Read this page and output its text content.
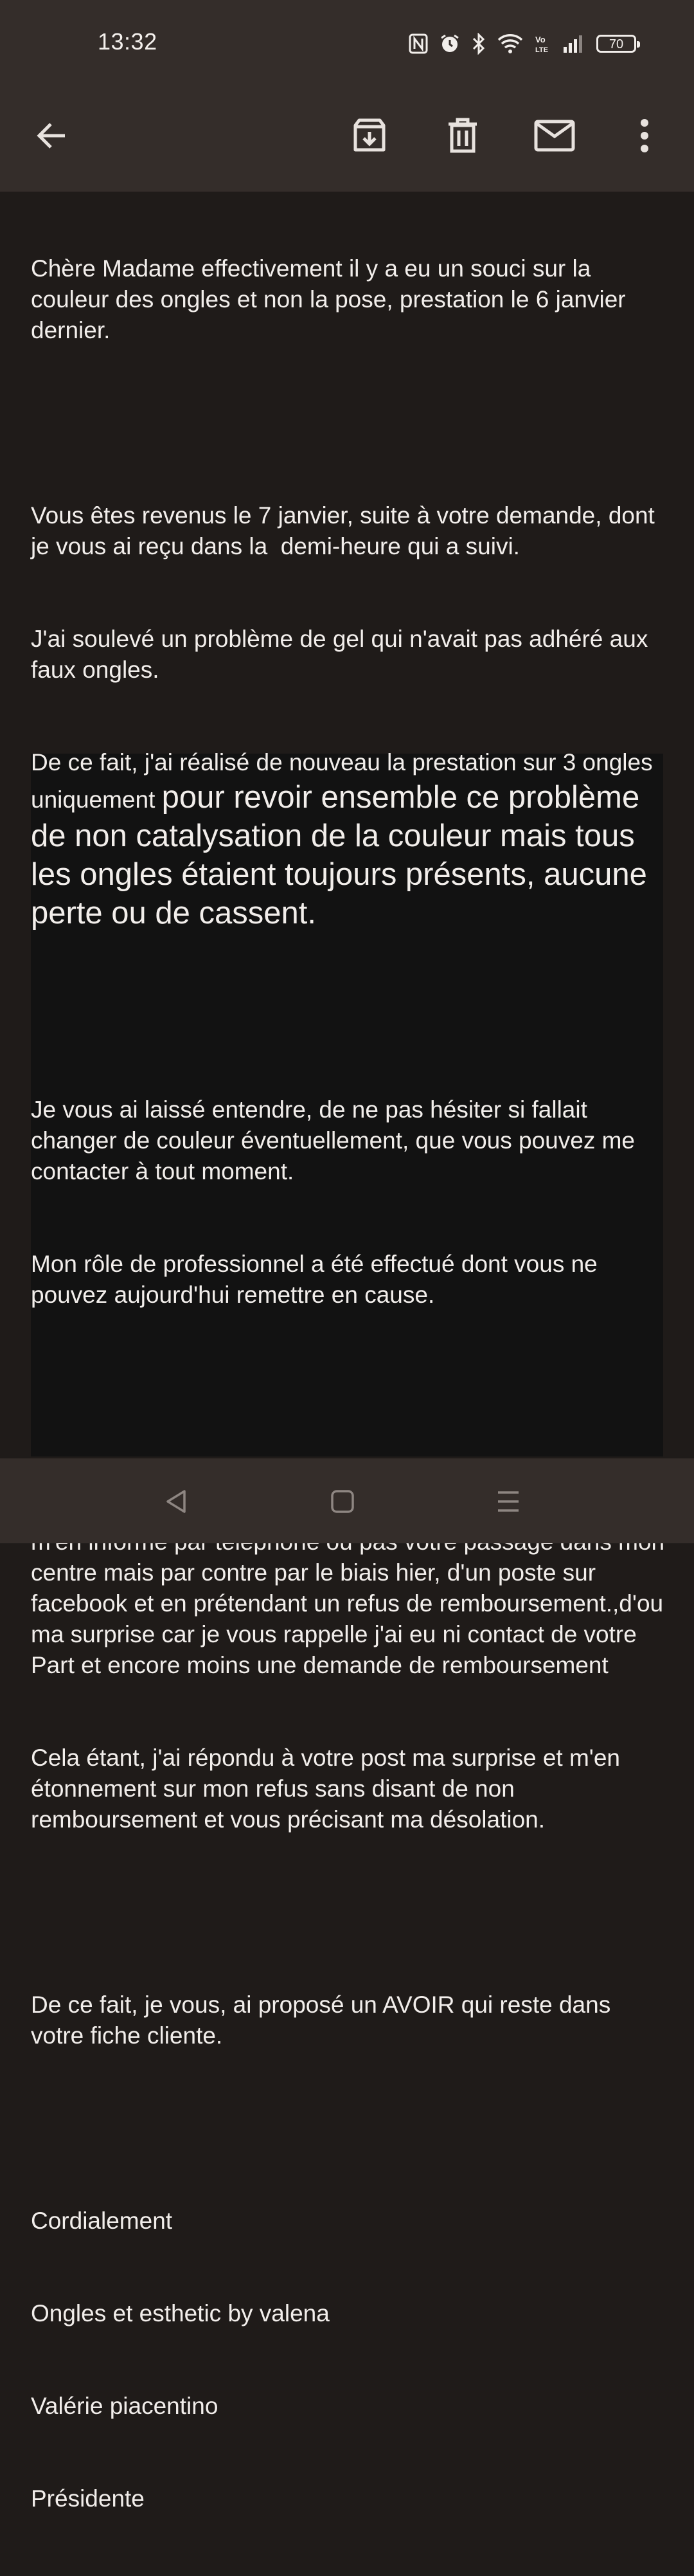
13:32	Vo
LTE	70

Chère Madame effectivement il y a eu un souci sur la couleur des ongles et non la pose, prestation le 6 janvier dernier.

Vous êtes revenus le 7 janvier, suite à votre demande, dont je vous ai reçu dans la  demi-heure qui a suivi.

J'ai soulevé un problème de gel qui n'avait pas adhéré aux faux ongles.

De ce fait, j'ai réalisé de nouveau la prestation sur 3 ongles uniquement pour revoir ensemble ce problème de non catalysation de la couleur mais tous les ongles étaient toujours présents, aucune perte ou de cassent.

Je vous ai laissé entendre, de ne pas hésiter si fallait changer de couleur éventuellement, que vous pouvez me contacter à tout moment.

Mon rôle de professionnel a été effectué dont vous ne pouvez aujourd'hui remettre en cause.

centre mais par contre par le biais hier, d'un poste sur facebook et en prétendant un refus de remboursement.,d'ou ma surprise car je vous rappelle j'ai eu ni contact de votre Part et encore moins une demande de remboursement

Cela étant, j'ai répondu à votre post ma surprise et m'en étonnement sur mon refus sans disant de non remboursement et vous précisant ma désolation.

De ce fait, je vous, ai proposé un AVOIR qui reste dans votre fiche cliente.

Cordialement

Ongles et esthetic by valena

Valérie piacentino

Présidente
